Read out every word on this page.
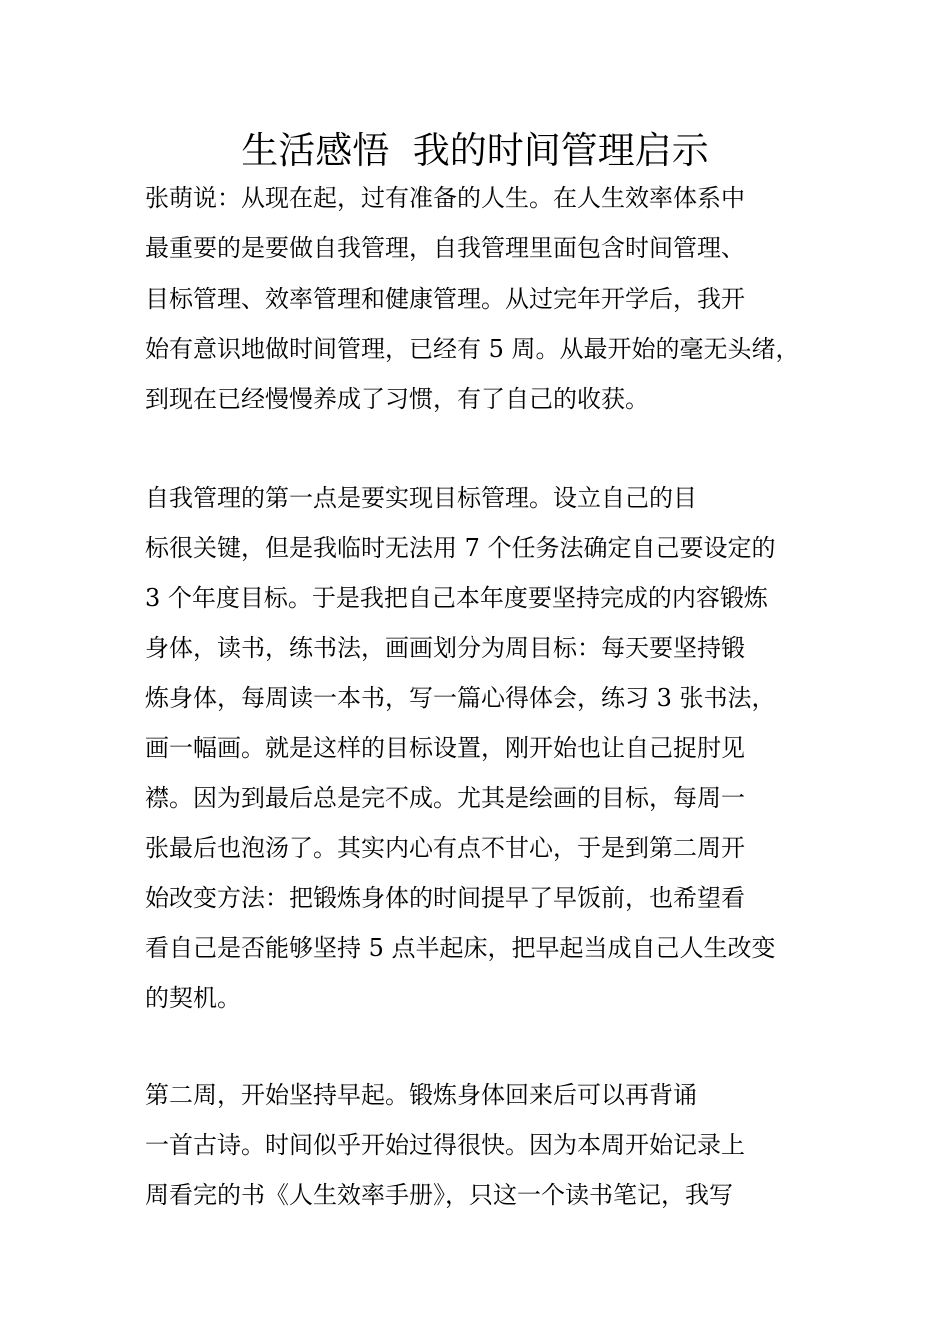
生活感悟  我的时间管理启示

张萌说：从现在起，过有准备的人生。在人生效率体系中

最重要的是要做自我管理，自我管理里面包含时间管理、

目标管理、效率管理和健康管理。从过完年开学后，我开

始有意识地做时间管理，已经有 5 周。从最开始的毫无头绪，

到现在已经慢慢养成了习惯，有了自己的收获。

自我管理的第一点是要实现目标管理。设立自己的目

标很关键，但是我临时无法用 7 个任务法确定自己要设定的

3 个年度目标。于是我把自己本年度要坚持完成的内容锻炼

身体，读书，练书法，画画划分为周目标：每天要坚持锻

炼身体，每周读一本书，写一篇心得体会，练习 3 张书法，

画一幅画。就是这样的目标设置，刚开始也让自己捉肘见

襟。因为到最后总是完不成。尤其是绘画的目标，每周一

张最后也泡汤了。其实内心有点不甘心，于是到第二周开

始改变方法：把锻炼身体的时间提早了早饭前，也希望看

看自己是否能够坚持 5 点半起床，把早起当成自己人生改变

的契机。

第二周，开始坚持早起。锻炼身体回来后可以再背诵

一首古诗。时间似乎开始过得很快。因为本周开始记录上

周看完的书《人生效率手册》，只这一个读书笔记，我写
